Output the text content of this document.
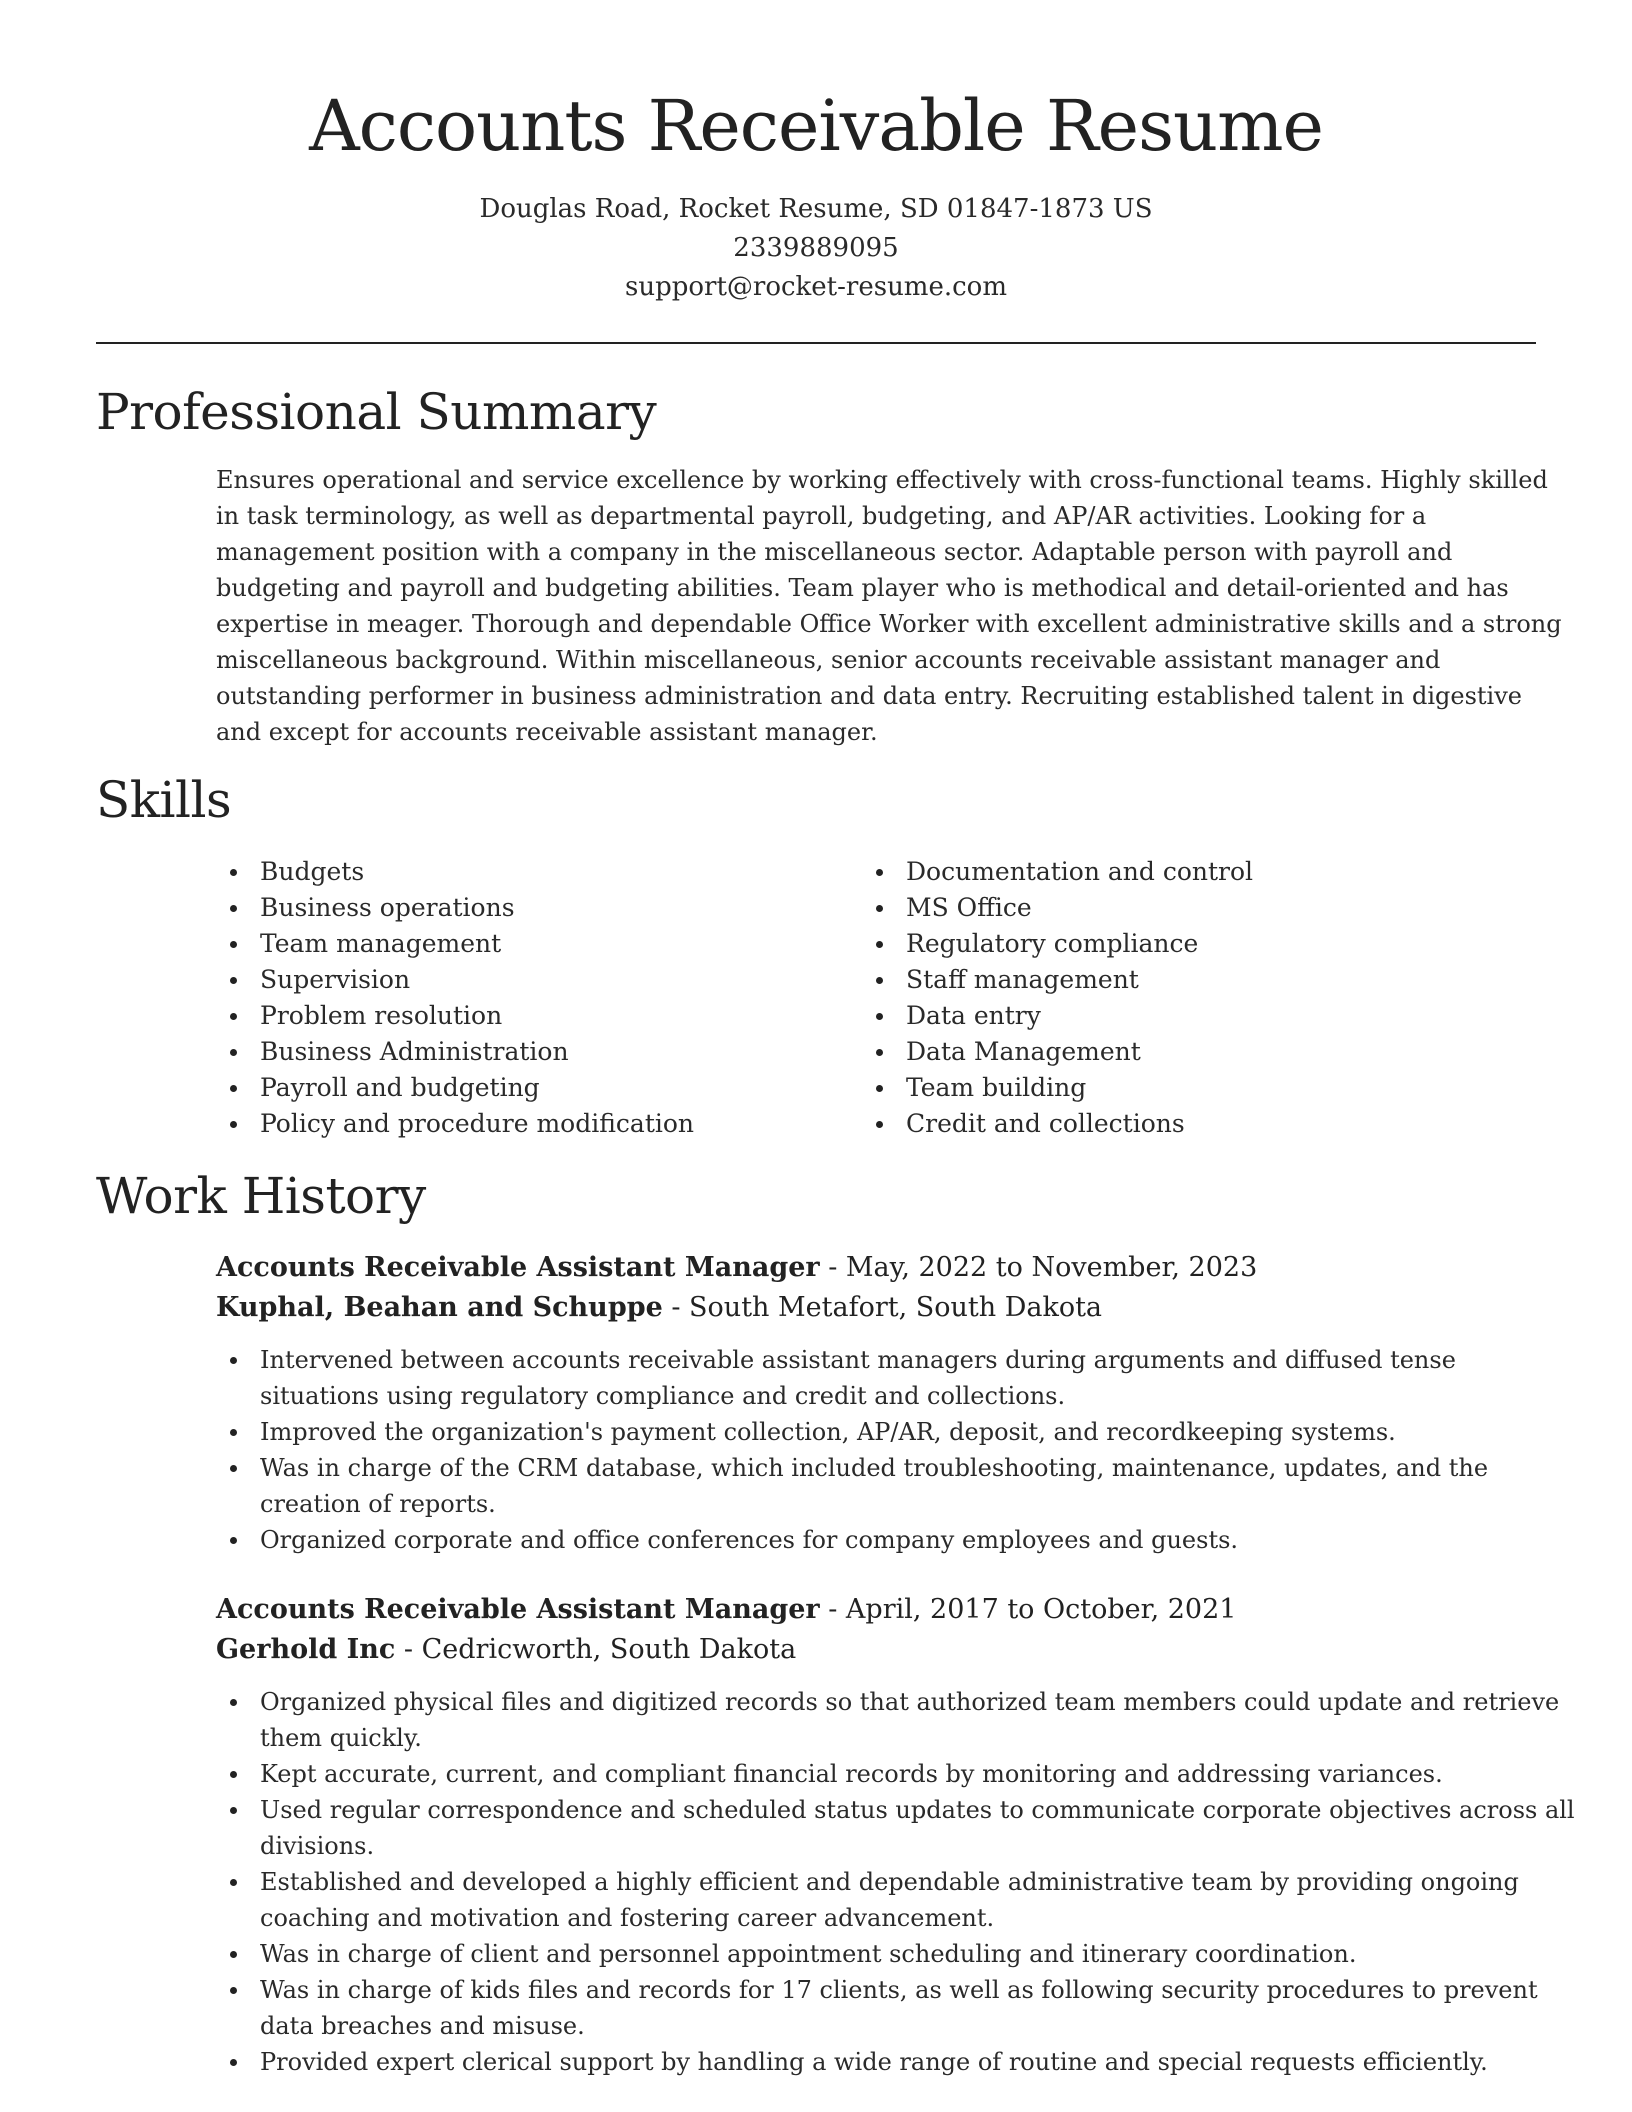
Accounts Receivable Resume
Douglas Road, Rocket Resume, SD 01847-1873 US
2339889095
support@rocket-resume.com
Professional Summary
Ensures operational and service excellence by working effectively with cross-functional teams. Highly skilled
in task terminology, as well as departmental payroll, budgeting, and AP/AR activities. Looking for a
management position with a company in the miscellaneous sector. Adaptable person with payroll and
budgeting and payroll and budgeting abilities. Team player who is methodical and detail-oriented and has
expertise in meager. Thorough and dependable Office Worker with excellent administrative skills and a strong
miscellaneous background. Within miscellaneous, senior accounts receivable assistant manager and
outstanding performer in business administration and data entry. Recruiting established talent in digestive
and except for accounts receivable assistant manager.
Skills
Budgets
Business operations
Team management
Supervision
Problem resolution
Business Administration
Payroll and budgeting
Policy and procedure modification
Documentation and control
MS Office
Regulatory compliance
Staff management
Data entry
Data Management
Team building
Credit and collections
Work History
Accounts Receivable Assistant Manager - May, 2022 to November, 2023
Kuphal, Beahan and Schuppe - South Metafort, South Dakota
Intervened between accounts receivable assistant managers during arguments and diffused tense
situations using regulatory compliance and credit and collections.
Improved the organization's payment collection, AP/AR, deposit, and recordkeeping systems.
Was in charge of the CRM database, which included troubleshooting, maintenance, updates, and the
creation of reports.
Organized corporate and office conferences for company employees and guests.
Accounts Receivable Assistant Manager - April, 2017 to October, 2021
Gerhold Inc - Cedricworth, South Dakota
Organized physical files and digitized records so that authorized team members could update and retrieve
them quickly.
Kept accurate, current, and compliant financial records by monitoring and addressing variances.
Used regular correspondence and scheduled status updates to communicate corporate objectives across all
divisions.
Established and developed a highly efficient and dependable administrative team by providing ongoing
coaching and motivation and fostering career advancement.
Was in charge of client and personnel appointment scheduling and itinerary coordination.
Was in charge of kids files and records for 17 clients, as well as following security procedures to prevent
data breaches and misuse.
Provided expert clerical support by handling a wide range of routine and special requests efficiently.
